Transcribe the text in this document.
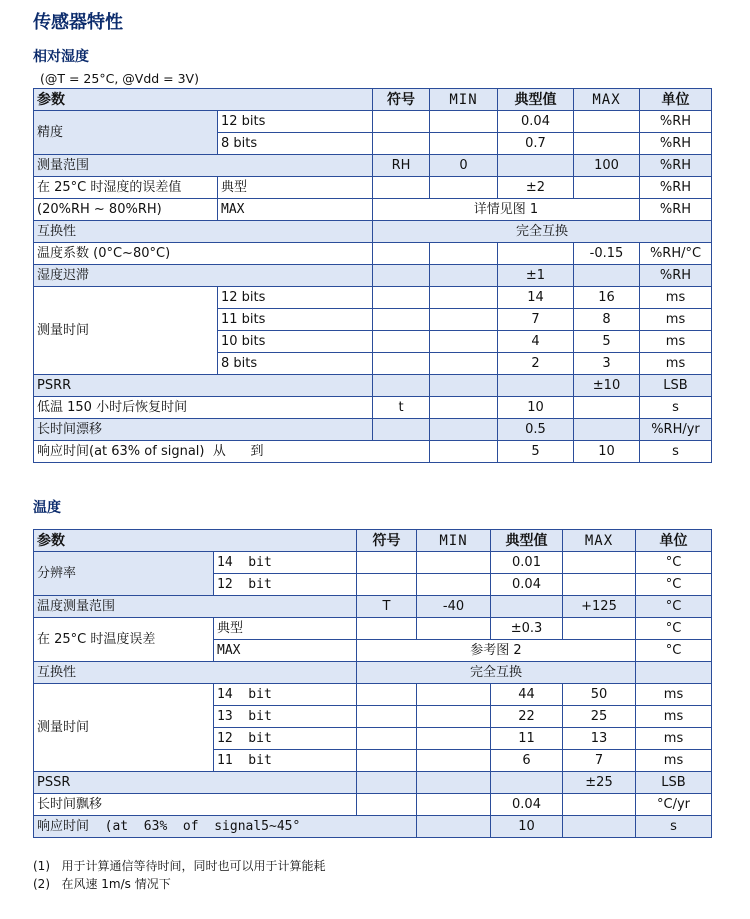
传感器特性
相对湿度
(@T = 25°C, @Vdd = 3V)
参数		符号	MIN	典型值	MAX	单位
精度	12 bits			0.04		%RH
	8 bits			0.7		%RH
测量范围		RH	0		100	%RH
在 25°C 时湿度的误差值	典型			±2		%RH
(20%RH ~ 80%RH)	MAX	详情见图 1				%RH
互换性		完全互换				
温度系数 (0°C~80°C)					-0.15	%RH/°C
湿度迟滞				±1		%RH
测量时间	12 bits			14	16	ms
	11 bits			7	8	ms
	10 bits			4	5	ms
	8 bits			2	3	ms
PSRR					±10	LSB
低温 150 小时后恢复时间		t		10		s
长时间漂移				0.5		%RH/yr
响应时间(at 63% of signal)  从      到				5	10	s
温度
参数		符号	MIN	典型值	MAX	单位
分辨率	14  bit			0.01		°C
	12  bit			0.04		°C
温度测量范围		T	-40		+125	°C
在 25°C 时温度误差	典型			±0.3		°C
	MAX	参考图 2				°C
互换性		完全互换				
测量时间	14  bit			44	50	ms
	13  bit			22	25	ms
	12  bit			11	13	ms
	11  bit			6	7	ms
PSSR					±25	LSB
长时间飘移				0.04		°C/yr
响应时间  (at  63%  of  signal5~45°				10		s
(1)   用于计算通信等待时间，同时也可以用于计算能耗
(2)   在风速 1m/s 情况下
